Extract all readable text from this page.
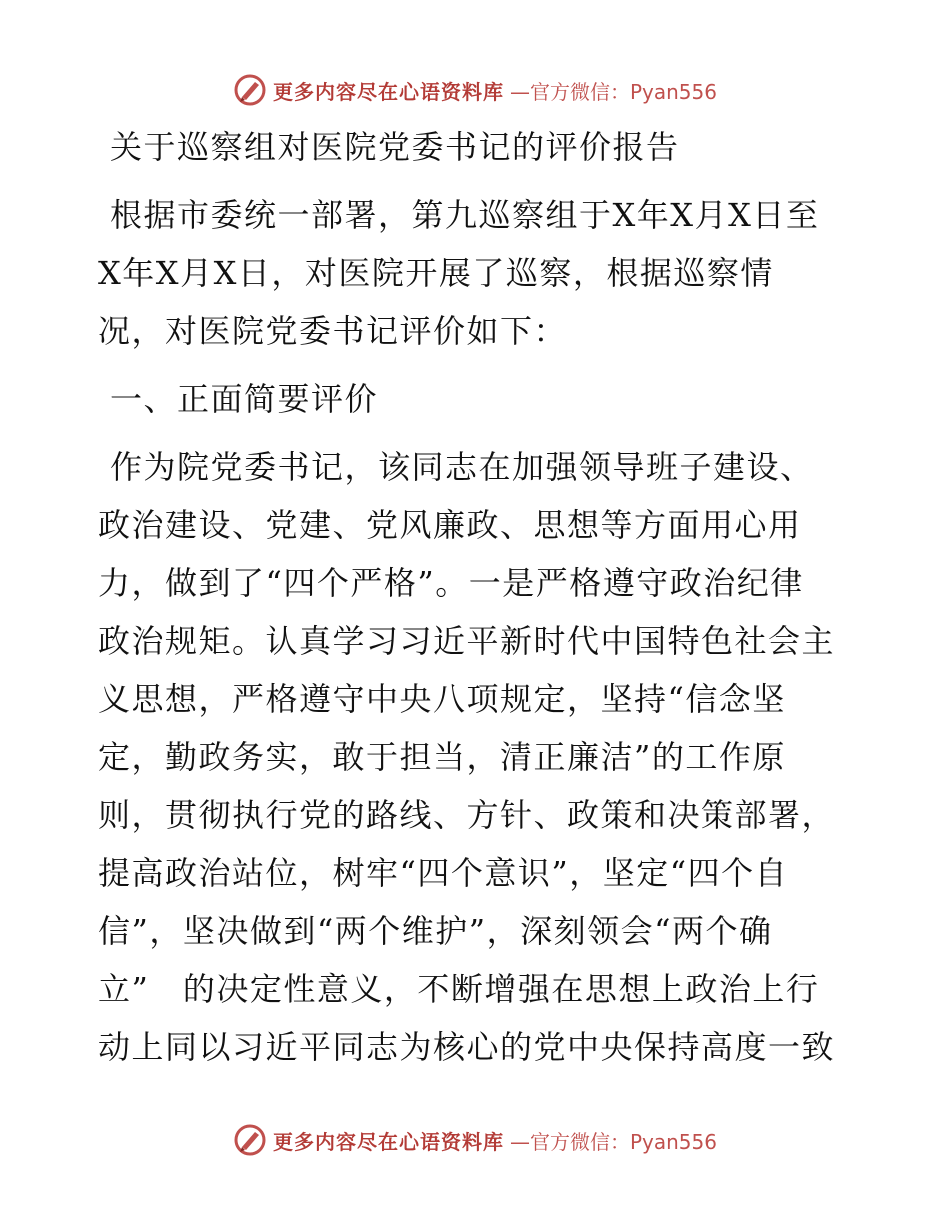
更多内容尽在心语资料库 —官方微信：Pyan556
关于巡察组对医院党委书记的评价报告
根据市委统一部署，第九巡察组于X年X月X日至
X年X月X日，对医院开展了巡察，根据巡察情
况，对医院党委书记评价如下：
一、正面简要评价
作为院党委书记，该同志在加强领导班子建设、
政治建设、党建、党风廉政、思想等方面用心用
力，做到了“四个严格”。一是严格遵守政治纪律
政治规矩。认真学习习近平新时代中国特色社会主
义思想，严格遵守中央八项规定，坚持“信念坚
定，勤政务实，敢于担当，清正廉洁”的工作原
则，贯彻执行党的路线、方针、政策和决策部署，
提高政治站位，树牢“四个意识”，坚定“四个自
信”，坚决做到“两个维护”，深刻领会“两个确
立”　的决定性意义，不断增强在思想上政治上行
动上同以习近平同志为核心的党中央保持高度一致
更多内容尽在心语资料库 —官方微信：Pyan556
